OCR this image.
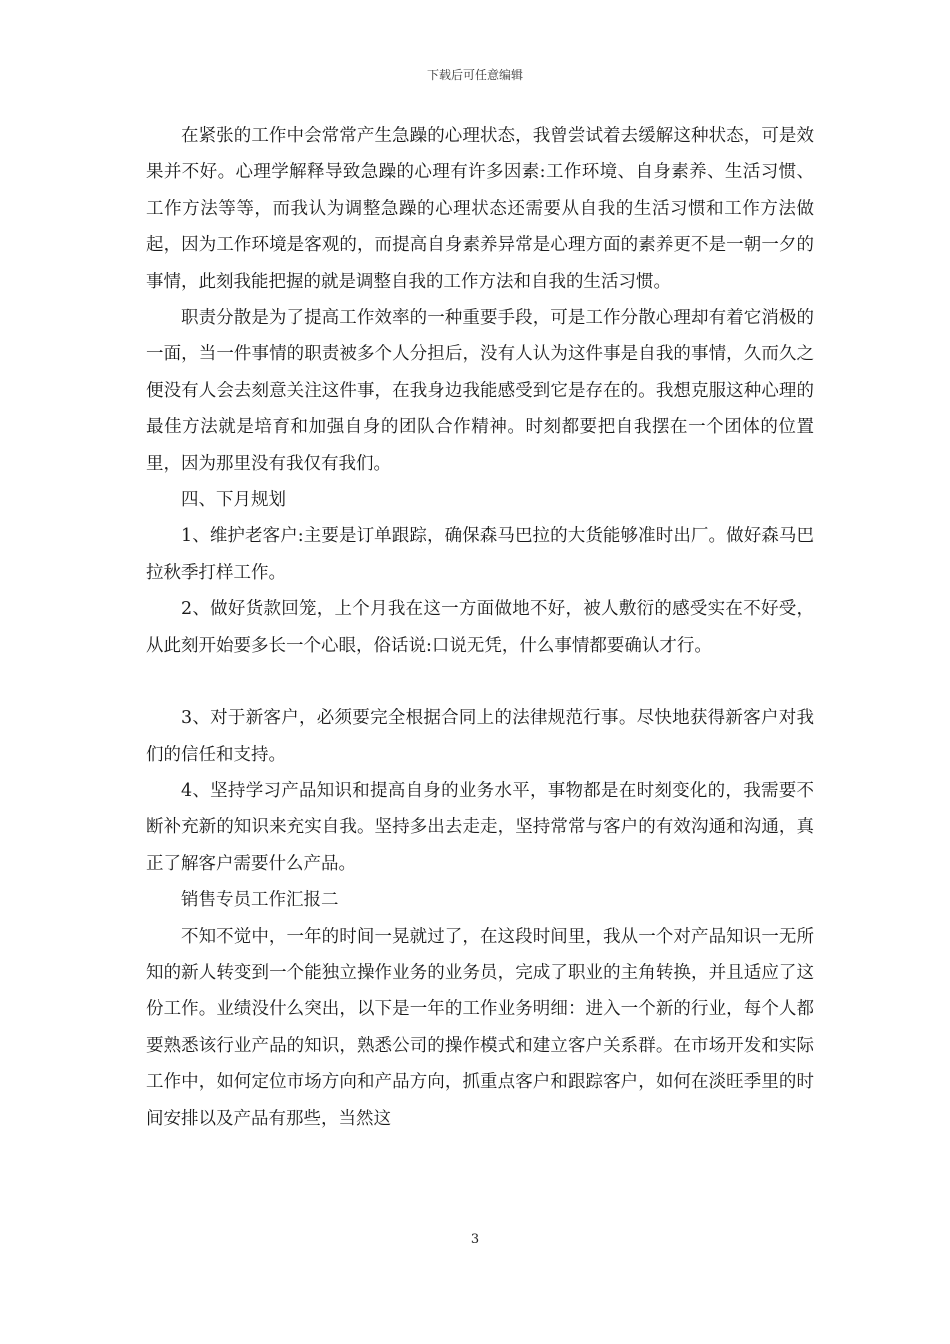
下载后可任意编辑

在紧张的工作中会常常产生急躁的心理状态，我曾尝试着去缓解这种状态，可是效果并不好。心理学解释导致急躁的心理有许多因素:工作环境、自身素养、生活习惯、工作方法等等，而我认为调整急躁的心理状态还需要从自我的生活习惯和工作方法做起，因为工作环境是客观的，而提高自身素养异常是心理方面的素养更不是一朝一夕的事情，此刻我能把握的就是调整自我的工作方法和自我的生活习惯。

职责分散是为了提高工作效率的一种重要手段，可是工作分散心理却有着它消极的一面，当一件事情的职责被多个人分担后，没有人认为这件事是自我的事情，久而久之便没有人会去刻意关注这件事，在我身边我能感受到它是存在的。我想克服这种心理的最佳方法就是培育和加强自身的团队合作精神。时刻都要把自我摆在一个团体的位置里，因为那里没有我仅有我们。

四、下月规划

1、维护老客户:主要是订单跟踪，确保森马巴拉的大货能够准时出厂。做好森马巴拉秋季打样工作。

2、做好货款回笼，上个月我在这一方面做地不好，被人敷衍的感受实在不好受，从此刻开始要多长一个心眼，俗话说:口说无凭，什么事情都要确认才行。

3、对于新客户，必须要完全根据合同上的法律规范行事。尽快地获得新客户对我们的信任和支持。

4、坚持学习产品知识和提高自身的业务水平，事物都是在时刻变化的，我需要不断补充新的知识来充实自我。坚持多出去走走，坚持常常与客户的有效沟通和沟通，真正了解客户需要什么产品。

销售专员工作汇报二

不知不觉中，一年的时间一晃就过了，在这段时间里，我从一个对产品知识一无所知的新人转变到一个能独立操作业务的业务员，完成了职业的主角转换，并且适应了这份工作。业绩没什么突出，以下是一年的工作业务明细：进入一个新的行业，每个人都要熟悉该行业产品的知识，熟悉公司的操作模式和建立客户关系群。在市场开发和实际工作中，如何定位市场方向和产品方向，抓重点客户和跟踪客户，如何在淡旺季里的时间安排以及产品有那些，当然这

3
